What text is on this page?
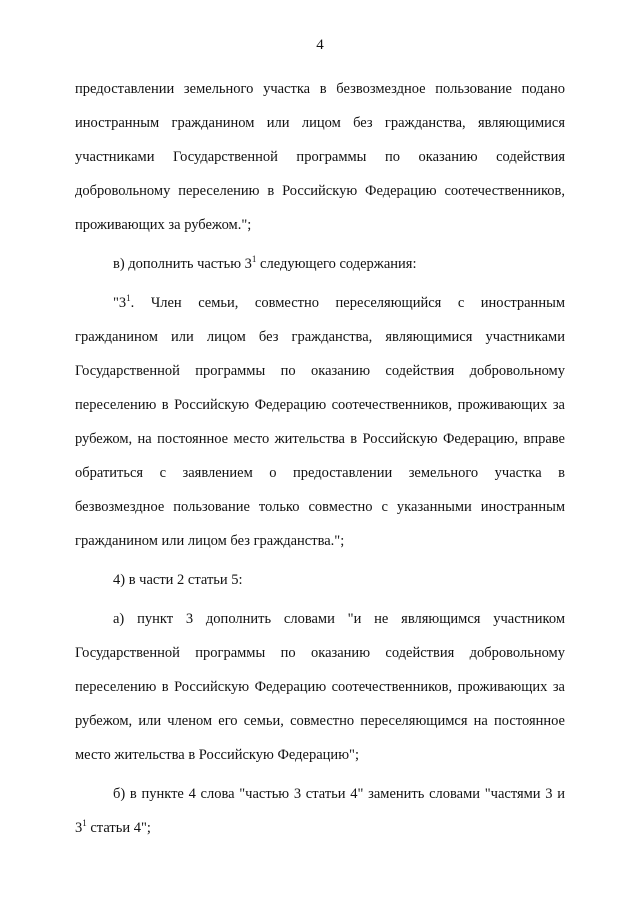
4

предоставлении земельного участка в безвозмездное пользование подано иностранным гражданином или лицом без гражданства, являющимися участниками Государственной программы по оказанию содействия добровольному переселению в Российскую Федерацию соотечественников, проживающих за рубежом.";

в) дополнить частью $3^1$ следующего содержания:

"$3^1$. Член семьи, совместно переселяющийся с иностранным гражданином или лицом без гражданства, являющимися участниками Государственной программы по оказанию содействия добровольному переселению в Российскую Федерацию соотечественников, проживающих за рубежом, на постоянное место жительства в Российскую Федерацию, вправе обратиться с заявлением о предоставлении земельного участка в безвозмездное пользование только совместно с указанными иностранным гражданином или лицом без гражданства.";

4) в части 2 статьи 5:

а) пункт 3 дополнить словами "и не являющимся участником Государственной программы по оказанию содействия добровольному переселению в Российскую Федерацию соотечественников, проживающих за рубежом, или членом его семьи, совместно переселяющимся на постоянное место жительства в Российскую Федерацию";

б) в пункте 4 слова "частью 3 статьи 4" заменить словами "частями 3 и $3^1$ статьи 4";
